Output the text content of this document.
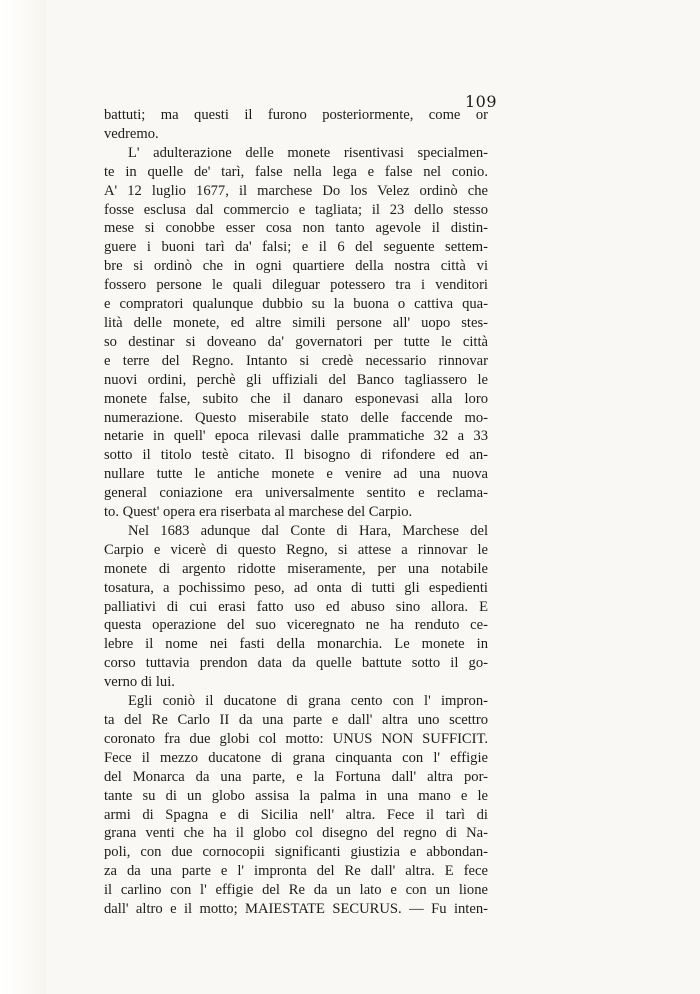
109

battuti; ma questi il furono posteriormente, come or
vedremo.

L' adulterazione delle monete risentivasi specialmen-
te in quelle de' tarì, false nella lega e false nel conio.
A' 12 luglio 1677, il marchese Do los Velez ordinò che
fosse esclusa dal commercio e tagliata; il 23 dello stesso
mese si conobbe esser cosa non tanto agevole il distin-
guere i buoni tarì da' falsi; e il 6 del seguente settem-
bre si ordinò che in ogni quartiere della nostra città vi
fossero persone le quali dileguar potessero tra i venditori
e compratori qualunque dubbio su la buona o cattiva qua-
lità delle monete, ed altre simili persone all' uopo stes-
so destinar si doveano da' governatori per tutte le città
e terre del Regno. Intanto si credè necessario rinnovar
nuovi ordini, perchè gli uffiziali del Banco tagliassero le
monete false, subito che il danaro esponevasi alla loro
numerazione. Questo miserabile stato delle faccende mo-
netarie in quell' epoca rilevasi dalle prammatiche 32 a 33
sotto il titolo testè citato. Il bisogno di rifondere ed an-
nullare tutte le antiche monete e venire ad una nuova
general coniazione era universalmente sentito e reclama-
to. Quest' opera era riserbata al marchese del Carpio.

Nel 1683 adunque dal Conte di Hara, Marchese del
Carpio e vicerè di questo Regno, si attese a rinnovar le
monete di argento ridotte miseramente, per una notabile
tosatura, a pochissimo peso, ad onta di tutti gli espedienti
palliativi di cui erasi fatto uso ed abuso sino allora. E
questa operazione del suo viceregnato ne ha renduto ce-
lebre il nome nei fasti della monarchia. Le monete in
corso tuttavia prendon data da quelle battute sotto il go-
verno di lui.

Egli coniò il ducatone di grana cento con l' impron-
ta del Re Carlo II da una parte e dall' altra uno scettro
coronato fra due globi col motto: UNUS NON SUFFICIT.
Fece il mezzo ducatone di grana cinquanta con l' effigie
del Monarca da una parte, e la Fortuna dall' altra por-
tante su di un globo assisa la palma in una mano e le
armi di Spagna e di Sicilia nell' altra. Fece il tarì di
grana venti che ha il globo col disegno del regno di Na-
poli, con due cornocopii significanti giustizia e abbondan-
za da una parte e l' impronta del Re dall' altra. E fece
il carlino con l' effigie del Re da un lato e con un lione
dall' altro e il motto; MAIESTATE SECURUS. — Fu inten-
